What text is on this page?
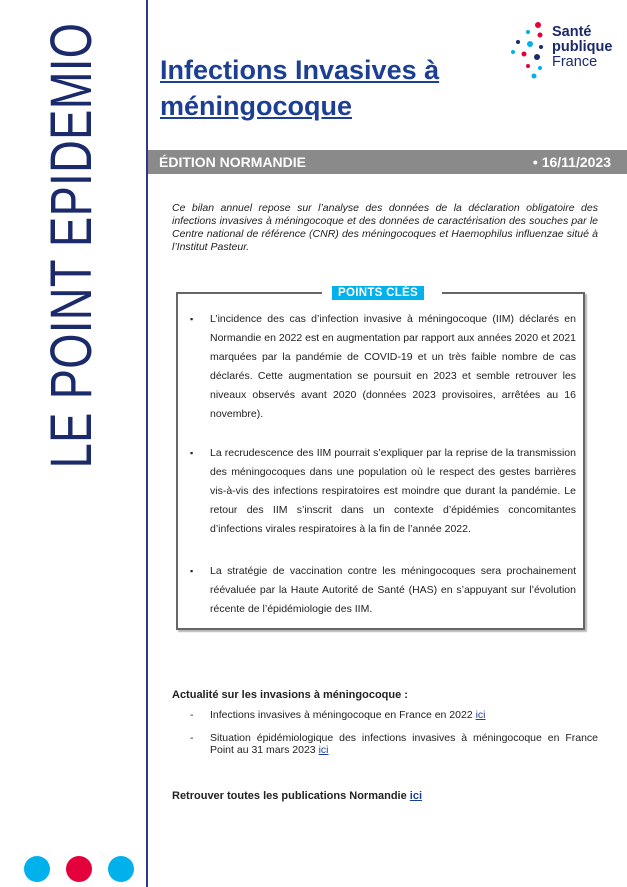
LE POINT EPIDEMIO Infections Invasives à
méningocoque
Santé
publique
France
ÉDITION NORMANDIE	• 16/11/2023

Ce bilan annuel repose sur l’analyse des données de la déclaration obligatoire des infections invasives à méningocoque et des données de caractérisation des souches par le Centre national de référence (CNR) des méningocoques et Haemophilus influenzae situé à l’Institut Pasteur.

POINTS CLÉS
▪ L’incidence des cas d’infection invasive à méningocoque (IIM) déclarés en Normandie en 2022 est en augmentation par rapport aux années 2020 et 2021 marquées par la pandémie de COVID-19 et un très faible nombre de cas déclarés. Cette augmentation se poursuit en 2023 et semble retrouver les niveaux observés avant 2020 (données 2023 provisoires, arrêtées au 16 novembre).
▪ La recrudescence des IIM pourrait s’expliquer par la reprise de la transmission des méningocoques dans une population où le respect des gestes barrières vis-à-vis des infections respiratoires est moindre que durant la pandémie. Le retour des IIM s’inscrit dans un contexte d’épidémies concomitantes d’infections virales respiratoires à la fin de l’année 2022.
▪ La stratégie de vaccination contre les méningocoques sera prochainement réévaluée par la Haute Autorité de Santé (HAS) en s’appuyant sur l’évolution récente de l’épidémiologie des IIM.

Actualité sur les invasions à méningocoque :

- Infections invasives à méningocoque en France en 2022 ici
- Situation épidémiologique des infections invasives à méningocoque en France Point au 31 mars 2023 ici

Retrouver toutes les publications Normandie ici
